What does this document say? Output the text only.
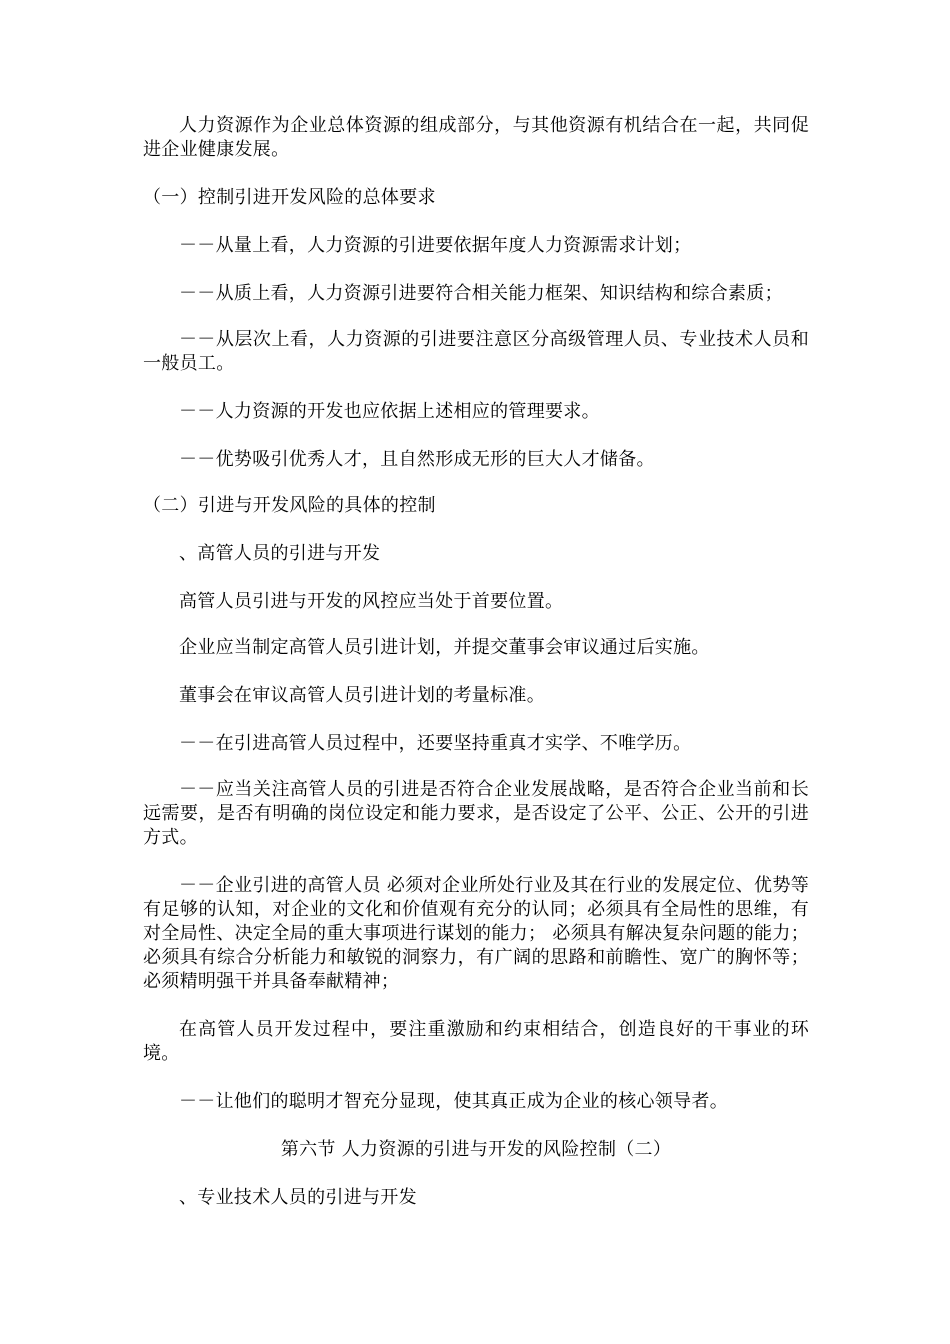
人力资源作为企业总体资源的组成部分，与其他资源有机结合在一起，共同促进企业健康发展。

（一）控制引进开发风险的总体要求

－－从量上看，人力资源的引进要依据年度人力资源需求计划；

－－从质上看，人力资源引进要符合相关能力框架、知识结构和综合素质；

－－从层次上看，人力资源的引进要注意区分高级管理人员、专业技术人员和一般员工。

－－人力资源的开发也应依据上述相应的管理要求。

－－优势吸引优秀人才，且自然形成无形的巨大人才储备。

（二）引进与开发风险的具体的控制

、高管人员的引进与开发

高管人员引进与开发的风控应当处于首要位置。

企业应当制定高管人员引进计划，并提交董事会审议通过后实施。

董事会在审议高管人员引进计划的考量标准。

－－在引进高管人员过程中，还要坚持重真才实学、不唯学历。

－－应当关注高管人员的引进是否符合企业发展战略，是否符合企业当前和长远需要，是否有明确的岗位设定和能力要求，是否设定了公平、公正、公开的引进方式。

－－企业引进的高管人员 必须对企业所处行业及其在行业的发展定位、优势等有足够的认知，对企业的文化和价值观有充分的认同；必须具有全局性的思维，有对全局性、决定全局的重大事项进行谋划的能力； 必须具有解决复杂问题的能力；必须具有综合分析能力和敏锐的洞察力，有广阔的思路和前瞻性、宽广的胸怀等；必须精明强干并具备奉献精神；

在高管人员开发过程中，要注重激励和约束相结合，创造良好的干事业的环境。

－－让他们的聪明才智充分显现，使其真正成为企业的核心领导者。

第六节 人力资源的引进与开发的风险控制（二）

、专业技术人员的引进与开发
